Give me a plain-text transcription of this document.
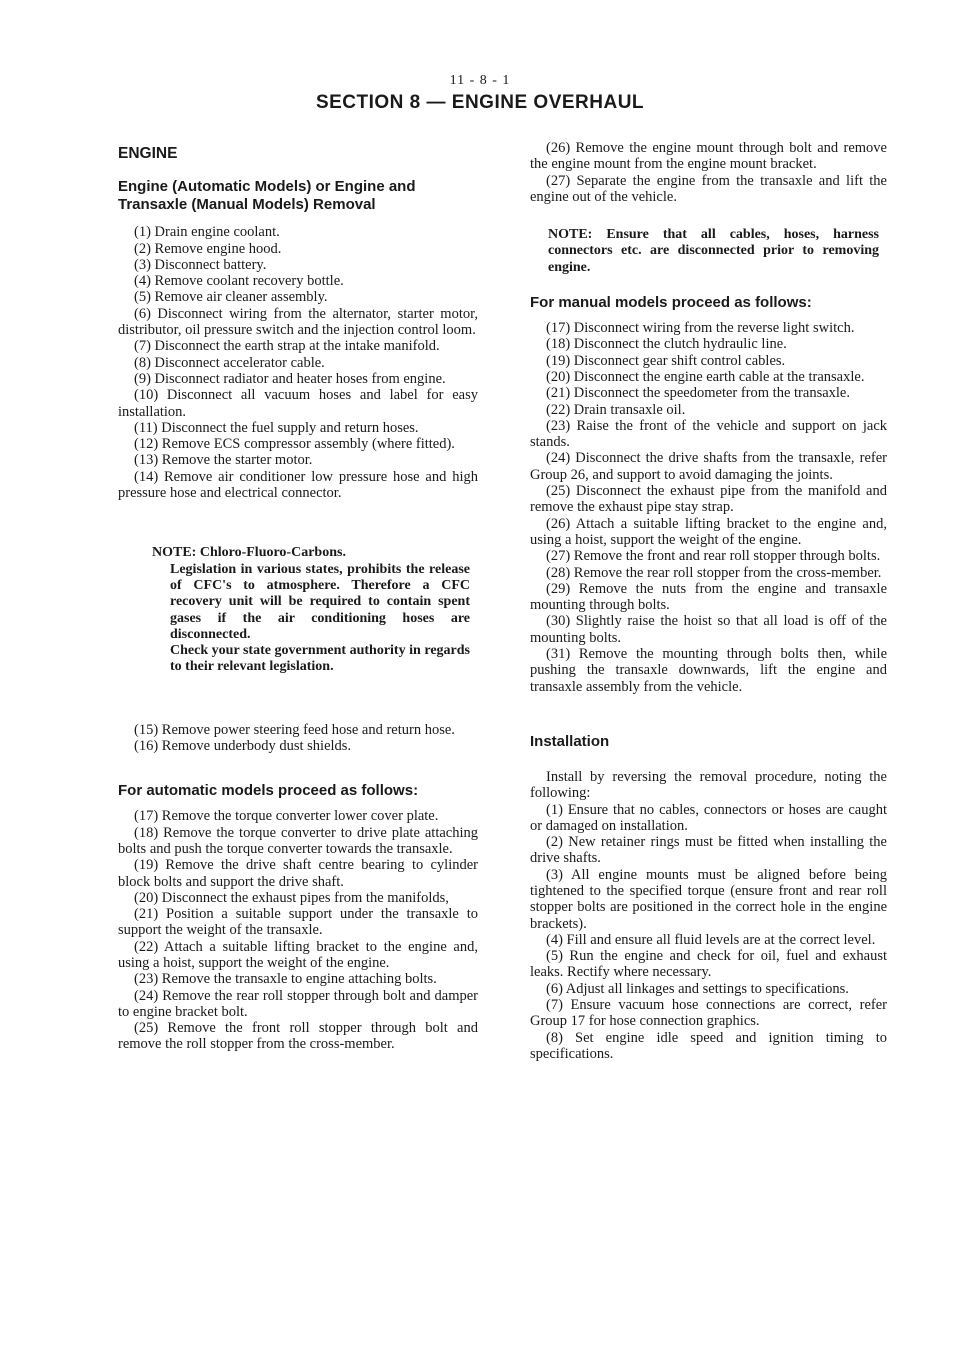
11 - 8 - 1
SECTION 8 — ENGINE OVERHAUL
ENGINE
Engine (Automatic Models) or Engine and Transaxle (Manual Models) Removal

(1) Drain engine coolant.

(2) Remove engine hood.

(3) Disconnect battery.

(4) Remove coolant recovery bottle.

(5) Remove air cleaner assembly.

(6) Disconnect wiring from the alternator, starter motor, distributor, oil pressure switch and the injection control loom.

(7) Disconnect the earth strap at the intake manifold.

(8) Disconnect accelerator cable.

(9) Disconnect radiator and heater hoses from engine.

(10) Disconnect all vacuum hoses and label for easy installation.

(11) Disconnect the fuel supply and return hoses.

(12) Remove ECS compressor assembly (where fitted).

(13) Remove the starter motor.

(14) Remove air conditioner low pressure hose and high pressure hose and electrical connector.

NOTE: Chloro-Fluoro-Carbons.

Legislation in various states, prohibits the release of CFC's to atmosphere. Therefore a CFC recovery unit will be required to contain spent gases if the air conditioning hoses are disconnected.

Check your state government authority in regards to their relevant legislation.

(15) Remove power steering feed hose and return hose.

(16) Remove underbody dust shields.

For automatic models proceed as follows:

(17) Remove the torque converter lower cover plate.

(18) Remove the torque converter to drive plate attaching bolts and push the torque converter towards the transaxle.

(19) Remove the drive shaft centre bearing to cylinder block bolts and support the drive shaft.

(20) Disconnect the exhaust pipes from the manifolds,

(21) Position a suitable support under the transaxle to support the weight of the transaxle.

(22) Attach a suitable lifting bracket to the engine and, using a hoist, support the weight of the engine.

(23) Remove the transaxle to engine attaching bolts.

(24) Remove the rear roll stopper through bolt and damper to engine bracket bolt.

(25) Remove the front roll stopper through bolt and remove the roll stopper from the cross-member.

(26) Remove the engine mount through bolt and remove the engine mount from the engine mount bracket.

(27) Separate the engine from the transaxle and lift the engine out of the vehicle.

NOTE: Ensure that all cables, hoses, harness connectors etc. are disconnected prior to removing engine.

For manual models proceed as follows:

(17) Disconnect wiring from the reverse light switch.

(18) Disconnect the clutch hydraulic line.

(19) Disconnect gear shift control cables.

(20) Disconnect the engine earth cable at the transaxle.

(21) Disconnect the speedometer from the transaxle.

(22) Drain transaxle oil.

(23) Raise the front of the vehicle and support on jack stands.

(24) Disconnect the drive shafts from the transaxle, refer Group 26, and support to avoid damaging the joints.

(25) Disconnect the exhaust pipe from the manifold and remove the exhaust pipe stay strap.

(26) Attach a suitable lifting bracket to the engine and, using a hoist, support the weight of the engine.

(27) Remove the front and rear roll stopper through bolts.

(28) Remove the rear roll stopper from the cross-member.

(29) Remove the nuts from the engine and transaxle mounting through bolts.

(30) Slightly raise the hoist so that all load is off of the mounting bolts.

(31) Remove the mounting through bolts then, while pushing the transaxle downwards, lift the engine and transaxle assembly from the vehicle.

Installation

Install by reversing the removal procedure, noting the following:

(1) Ensure that no cables, connectors or hoses are caught or damaged on installation.

(2) New retainer rings must be fitted when installing the drive shafts.

(3) All engine mounts must be aligned before being tightened to the specified torque (ensure front and rear roll stopper bolts are positioned in the correct hole in the engine brackets).

(4) Fill and ensure all fluid levels are at the correct level.

(5) Run the engine and check for oil, fuel and exhaust leaks. Rectify where necessary.

(6) Adjust all linkages and settings to specifications.

(7) Ensure vacuum hose connections are correct, refer Group 17 for hose connection graphics.

(8) Set engine idle speed and ignition timing to specifications.
